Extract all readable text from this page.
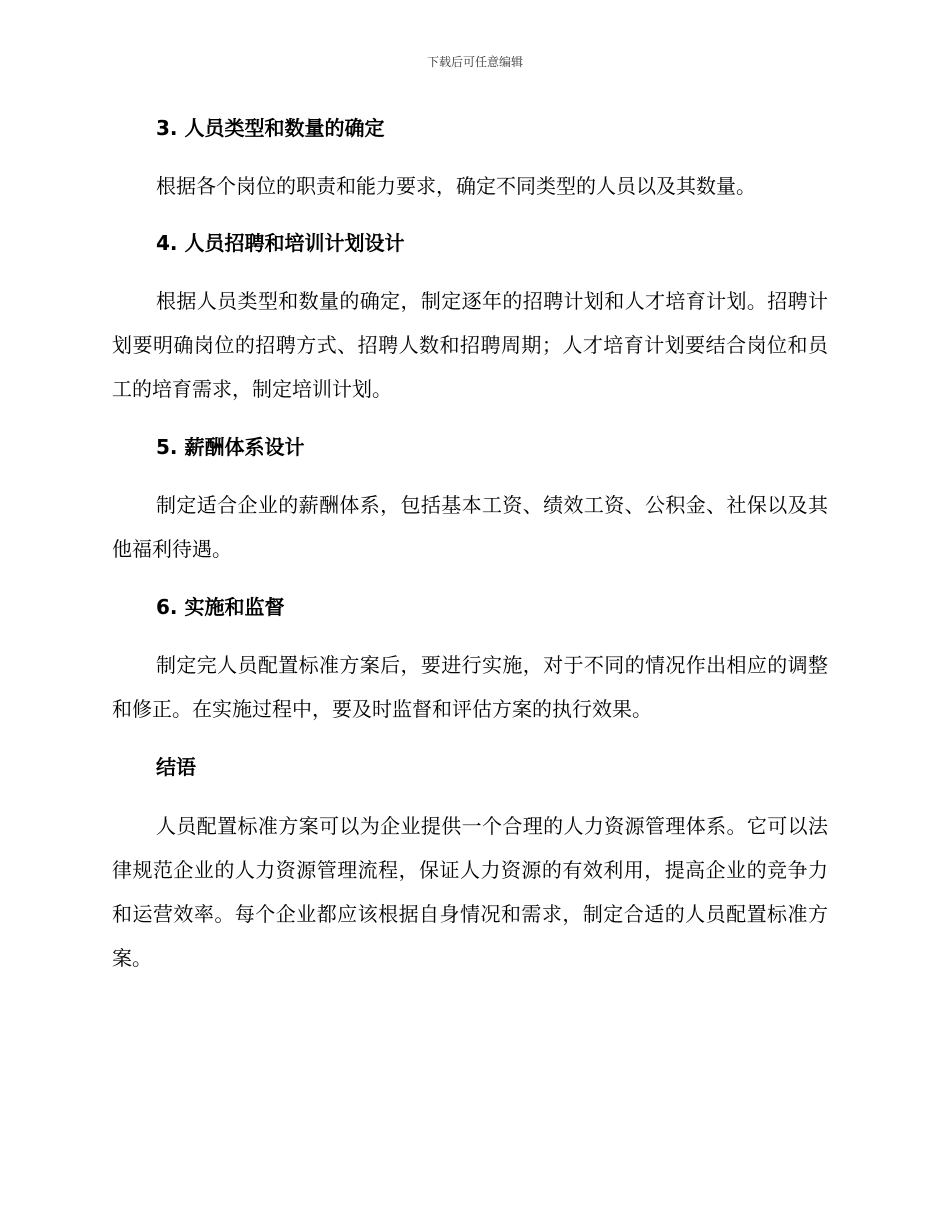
下载后可任意编辑
3. 人员类型和数量的确定

根据各个岗位的职责和能力要求，确定不同类型的人员以及其数量。

4. 人员招聘和培训计划设计

根据人员类型和数量的确定，制定逐年的招聘计划和人才培育计划。招聘计划要明确岗位的招聘方式、招聘人数和招聘周期；人才培育计划要结合岗位和员工的培育需求，制定培训计划。

5. 薪酬体系设计

制定适合企业的薪酬体系，包括基本工资、绩效工资、公积金、社保以及其他福利待遇。

6. 实施和监督

制定完人员配置标准方案后，要进行实施，对于不同的情况作出相应的调整和修正。在实施过程中，要及时监督和评估方案的执行效果。

结语

人员配置标准方案可以为企业提供一个合理的人力资源管理体系。它可以法律规范企业的人力资源管理流程，保证人力资源的有效利用，提高企业的竞争力和运营效率。每个企业都应该根据自身情况和需求，制定合适的人员配置标准方案。
